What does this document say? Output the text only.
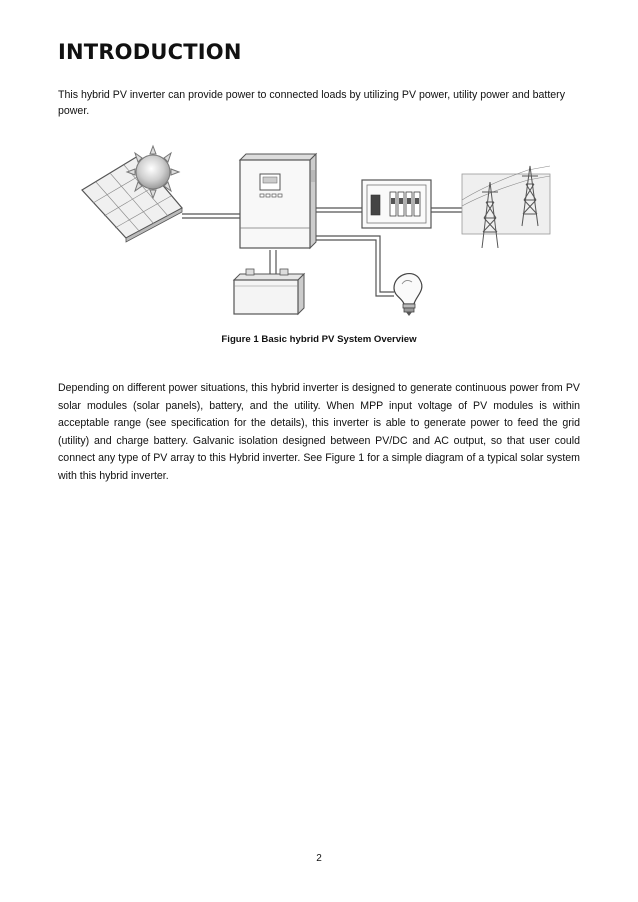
INTRODUCTION

This hybrid PV inverter can provide power to connected loads by utilizing PV power, utility power and battery power.

Figure 1 Basic hybrid PV System Overview

Depending on different power situations, this hybrid inverter is designed to generate continuous power from PV solar modules (solar panels), battery, and the utility. When MPP input voltage of PV modules is within acceptable range (see specification for the details), this inverter is able to generate power to feed the grid (utility) and charge battery. Galvanic isolation designed between PV/DC and AC output, so that user could connect any type of PV array to this Hybrid inverter. See Figure 1 for a simple diagram of a typical solar system with this hybrid inverter.

2
